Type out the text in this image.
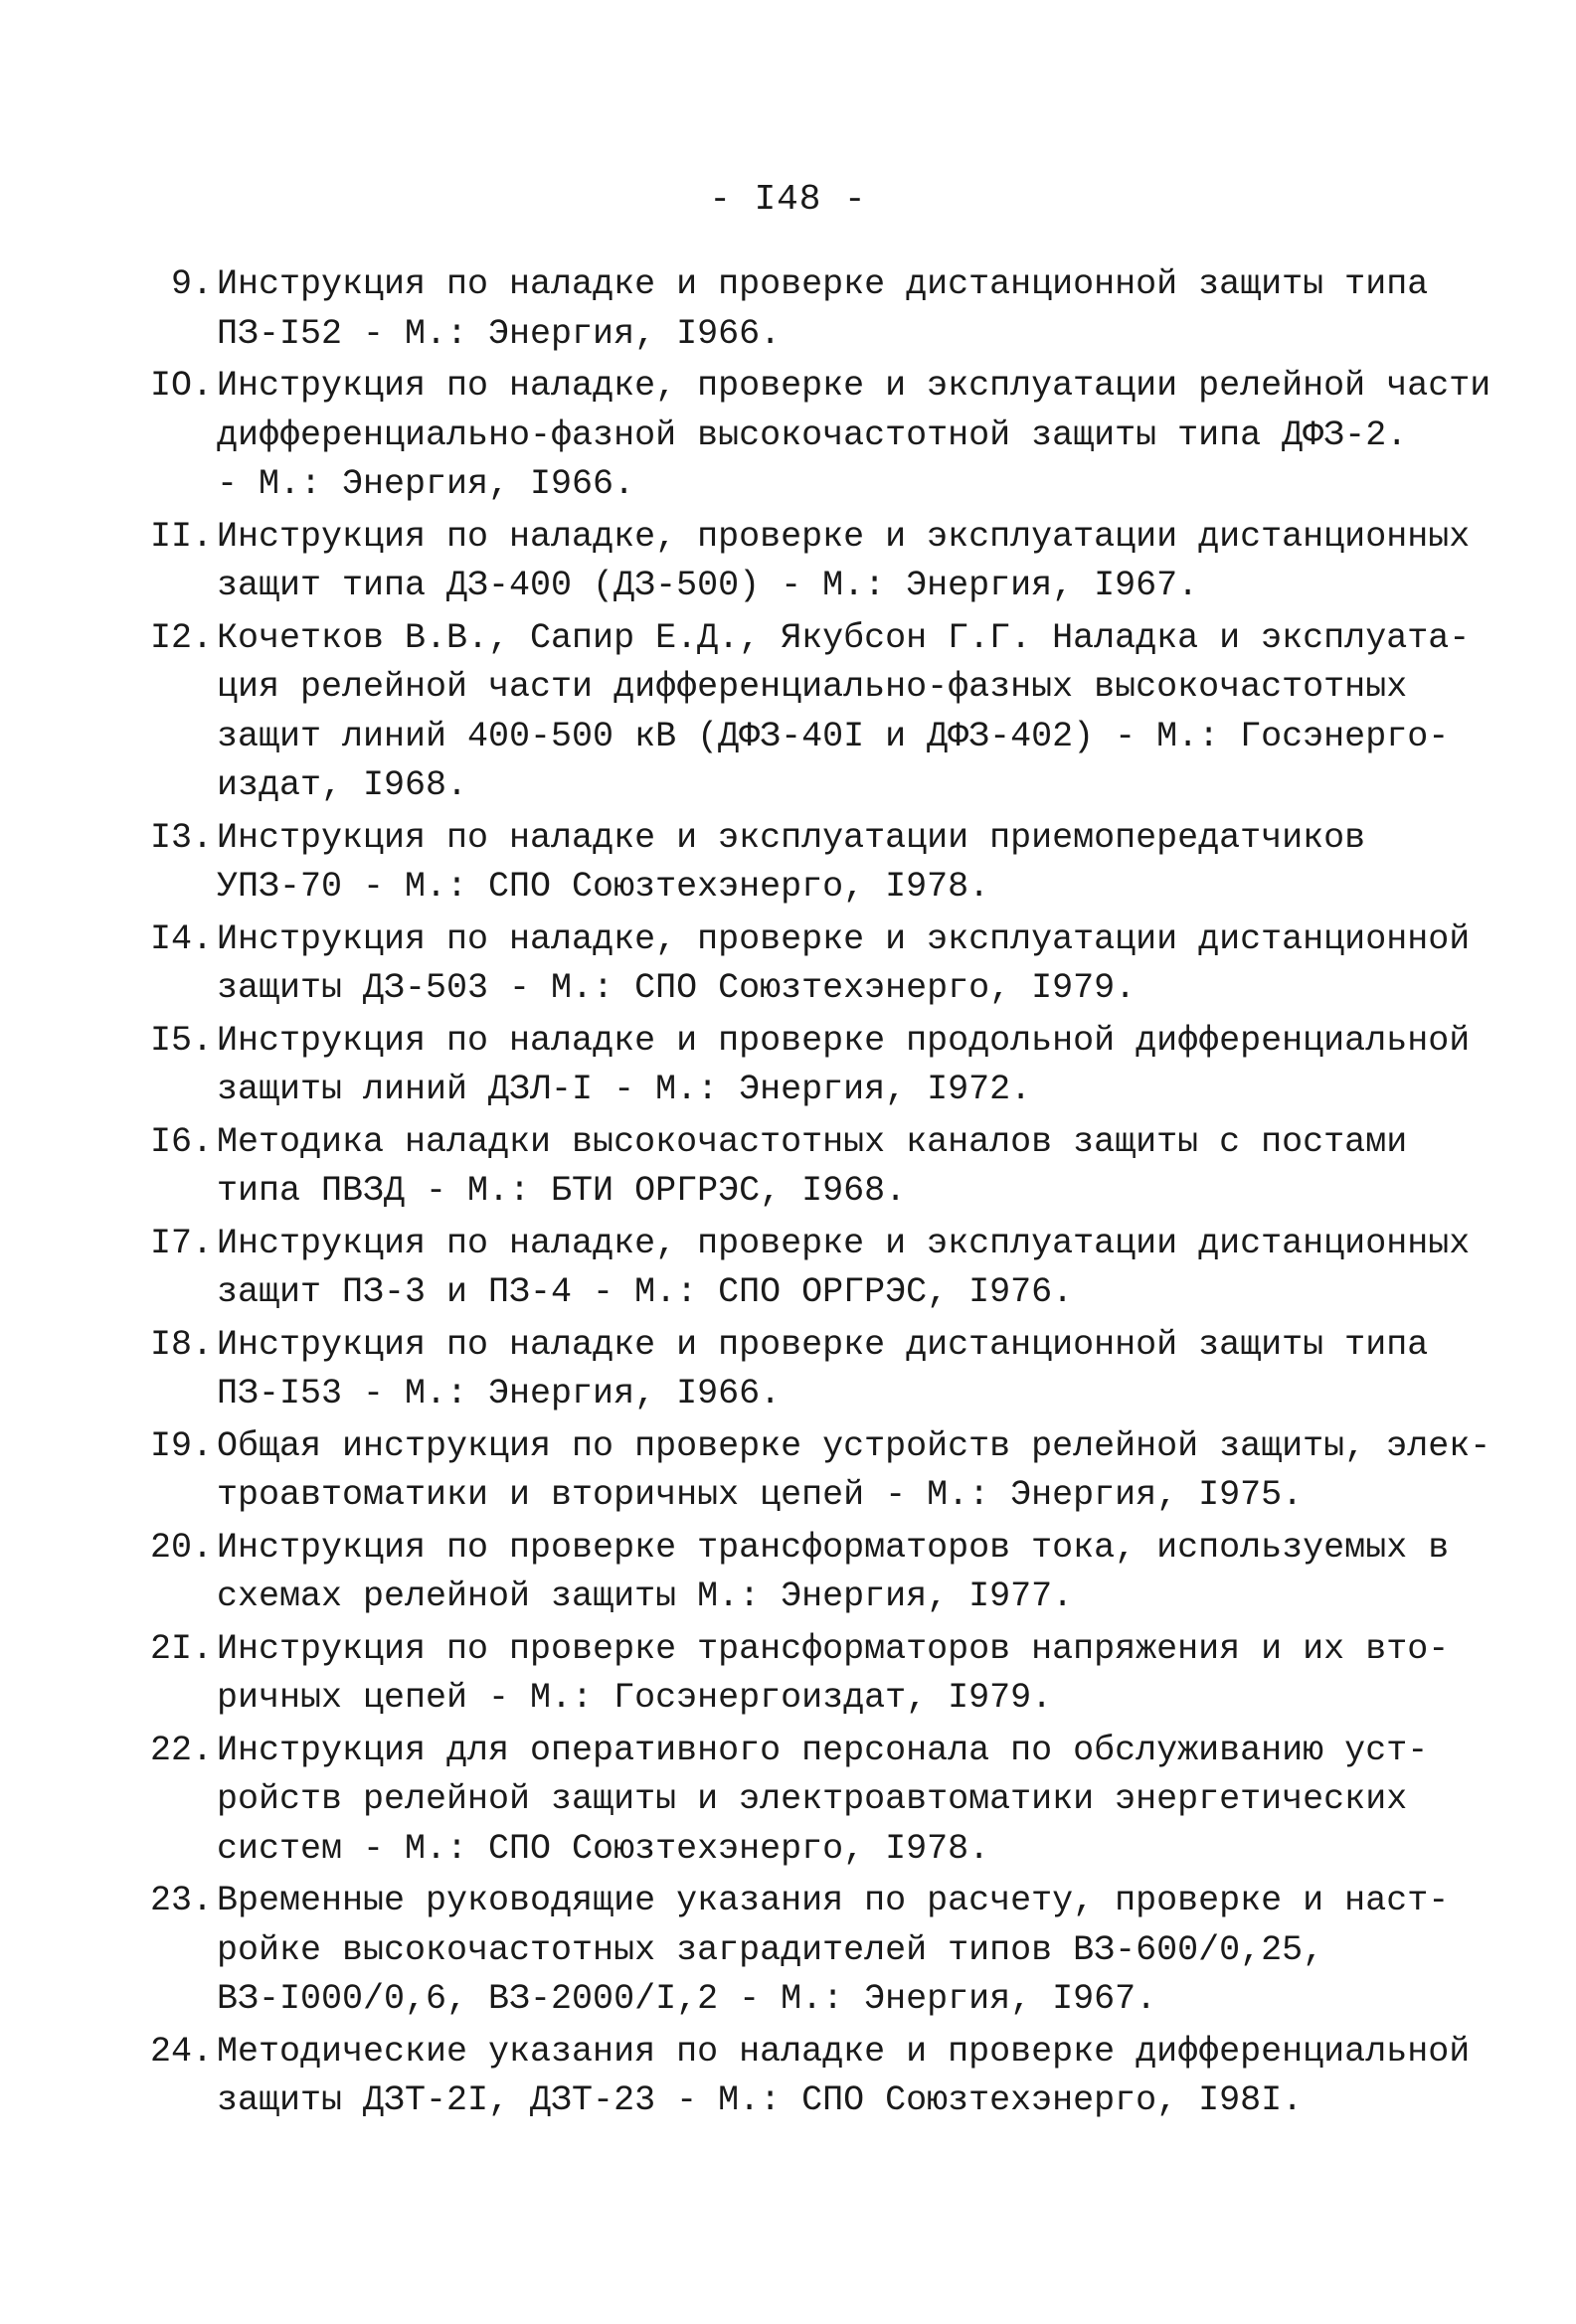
- I48 -
9. Инструкция по наладке и проверке дистанционной защиты типа
ПЗ-I52 - М.: Энергия, I966.
IO. Инструкция по наладке, проверке и эксплуатации релейной части
дифференциально-фазной высокочастотной защиты типа ДФЗ-2.
- М.: Энергия, I966.
II. Инструкция по наладке, проверке и эксплуатации дистанционных
защит типа ДЗ-400 (ДЗ-500) - М.: Энергия, I967.
I2. Кочетков В.В., Сапир Е.Д., Якубсон Г.Г. Наладка и эксплуата-
ция релейной части дифференциально-фазных высокочастотных
защит линий 400-500 кВ (ДФЗ-40I и ДФЗ-402) - М.: Госэнерго-
издат, I968.
I3. Инструкция по наладке и эксплуатации приемопередатчиков
УПЗ-70 - М.: СПО Союзтехэнерго, I978.
I4. Инструкция по наладке, проверке и эксплуатации дистанционной
защиты ДЗ-503 - М.: СПО Союзтехэнерго, I979.
I5. Инструкция по наладке и проверке продольной дифференциальной
защиты линий ДЗЛ-I - М.: Энергия, I972.
I6. Методика наладки высокочастотных каналов защиты с постами
типа ПВЗД - М.: БТИ ОРГРЭС, I968.
I7. Инструкция по наладке, проверке и эксплуатации дистанционных
защит ПЗ-3 и ПЗ-4 - М.: СПО ОРГРЭС, I976.
I8. Инструкция по наладке и проверке дистанционной защиты типа
ПЗ-I53 - М.: Энергия, I966.
I9. Общая инструкция по проверке устройств релейной защиты, элек-
троавтоматики и вторичных цепей - М.: Энергия, I975.
20. Инструкция по проверке трансформаторов тока, используемых в
схемах релейной защиты М.: Энергия, I977.
2I. Инструкция по проверке трансформаторов напряжения и их вто-
ричных цепей - М.: Госэнергоиздат, I979.
22. Инструкция для оперативного персонала по обслуживанию уст-
ройств релейной защиты и электроавтоматики энергетических
систем - М.: СПО Союзтехэнерго, I978.
23. Временные руководящие указания по расчету, проверке и наст-
ройке высокочастотных заградителей типов ВЗ-600/0,25,
ВЗ-I000/0,6, ВЗ-2000/I,2 - М.: Энергия, I967.
24. Методические указания по наладке и проверке дифференциальной
защиты ДЗТ-2I, ДЗТ-23 - М.: СПО Союзтехэнерго, I98I.
